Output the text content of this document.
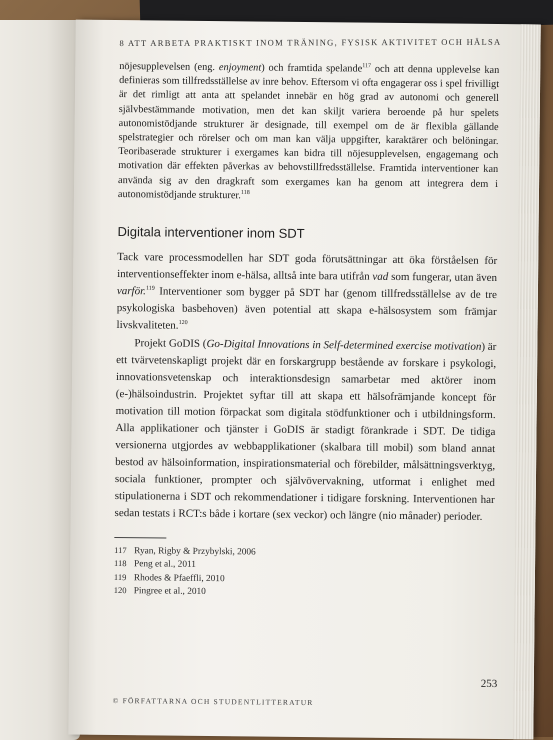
8 ATT ARBETA PRAKTISKT INOM TRÄNING, FYSISK AKTIVITET OCH HÄLSA

nöjesupplevelsen (eng. enjoyment) och framtida spelande$^{117}$ och att denna upplevelse kan definieras som tillfredsställelse av inre behov. Eftersom vi ofta engagerar oss i spel frivilligt är det rimligt att anta att spelandet innebär en hög grad av autonomi och generell självbestämmande motivation, men det kan skiljt variera beroende på hur spelets autonomistödjande strukturer är designade, till exempel om de är flexibla gällande spelstrategier och rörelser och om man kan välja uppgifter, karaktärer och belöningar. Teoribaserade strukturer i exergames kan bidra till nöjesupplevelsen, engagemang och motivation där effekten påverkas av behovstillfredsställelse. Framtida interventioner kan använda sig av den dragkraft som exergames kan ha genom att integrera dem i autonomistödjande strukturer.$^{118}$

Digitala interventioner inom SDT

Tack vare processmodellen har SDT goda förutsättningar att öka förståelsen för interventionseffekter inom e-hälsa, alltså inte bara utifrån vad som fungerar, utan även varför.$^{119}$ Interventioner som bygger på SDT har (genom tillfredsställelse av de tre psykologiska basbehoven) även potential att skapa e-hälsosystem som främjar livskvaliteten.$^{120}$

Projekt GoDIS (Go-Digital Innovations in Self-determined exercise motivation) är ett tvärvetenskapligt projekt där en forskargrupp bestående av forskare i psykologi, innovationsvetenskap och interaktionsdesign samarbetar med aktörer inom (e-)hälsoindustrin. Projektet syftar till att skapa ett hälsofrämjande koncept för motivation till motion förpackat som digitala stödfunktioner och i utbildningsform. Alla applikationer och tjänster i GoDIS är stadigt förankrade i SDT. De tidiga versionerna utgjordes av webbapplikationer (skalbara till mobil) som bland annat bestod av hälsoinformation, inspirationsmaterial och förebilder, målsättningsverktyg, sociala funktioner, prompter och självövervakning, utformat i enlighet med stipulationerna i SDT och rekommendationer i tidigare forskning. Interventionen har sedan testats i RCT:s både i kortare (sex veckor) och längre (nio månader) perioder.

117 Ryan, Rigby & Przybylski, 2006
118 Peng et al., 2011
119 Rhodes & Pfaeffli, 2010
120 Pingree et al., 2010
253
© FÖRFATTARNA OCH STUDENTLITTERATUR
